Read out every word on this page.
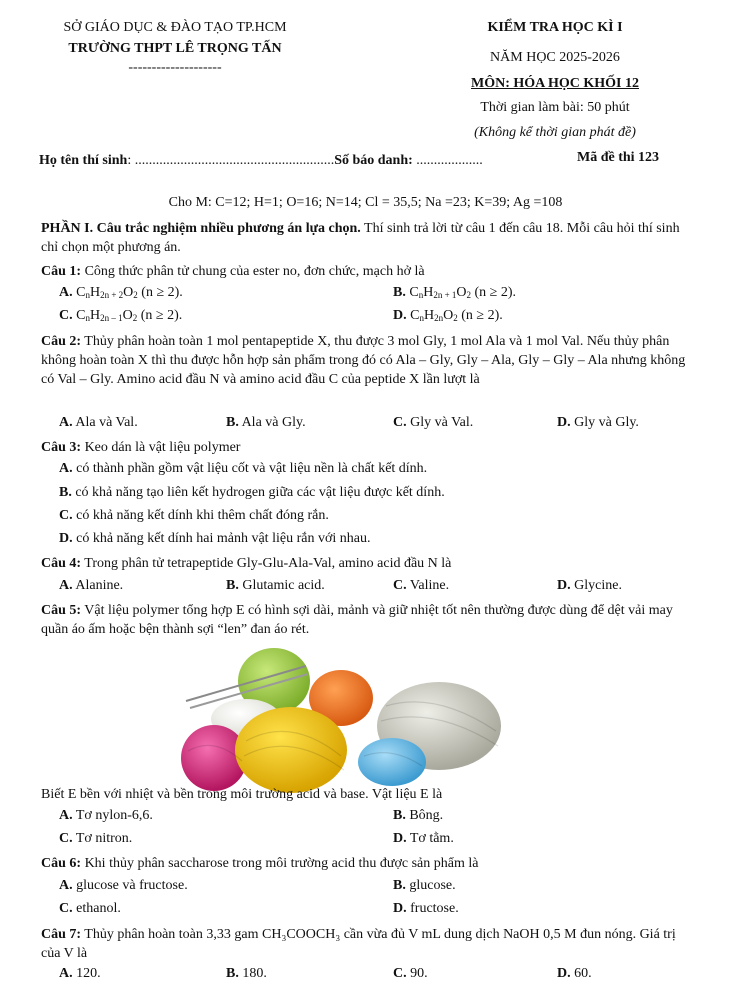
SỞ GIÁO DỤC & ĐÀO TẠO TP.HCM
TRƯỜNG THPT LÊ TRỌNG TẤN
--------------------
KIỂM TRA HỌC KÌ I
NĂM HỌC 2025-2026
MÔN: HÓA HỌC KHỐI 12
Thời gian làm bài: 50 phút
(Không kể thời gian phát đề)
Họ tên thí sinh: .........................................................Số báo danh: ...................	Mã đề thi 123
Cho M: C=12; H=1; O=16; N=14; Cl = 35,5; Na =23; K=39; Ag =108
PHẦN I. Câu trắc nghiệm nhiều phương án lựa chọn. Thí sinh trả lời từ câu 1 đến câu 18. Mỗi câu hỏi thí sinh chỉ chọn một phương án.
Câu 1: Công thức phân tử chung của ester no, đơn chức, mạch hở là
A. $C_nH_{2n + 2}O_2$ (n ≥ 2).	B. $C_nH_{2n + 1}O_2$ (n ≥ 2).
C. $C_nH_{2n - 1}O_2$ (n ≥ 2).	D. $C_nH_{2n}O_2$ (n ≥ 2).
Câu 2: Thủy phân hoàn toàn 1 mol pentapeptide X, thu được 3 mol Gly, 1 mol Ala và 1 mol Val. Nếu thủy phân không hoàn toàn X thì thu được hỗn hợp sản phẩm trong đó có Ala – Gly, Gly – Ala, Gly – Gly – Ala nhưng không có Val – Gly. Amino acid đầu N và amino acid đầu C của peptide X lần lượt là
A. Ala và Val.	B. Ala và Gly.	C. Gly và Val.	D. Gly và Gly.
Câu 3: Keo dán là vật liệu polymer
A. có thành phần gồm vật liệu cốt và vật liệu nền là chất kết dính.
B. có khả năng tạo liên kết hydrogen giữa các vật liệu được kết dính.
C. có khả năng kết dính khi thêm chất đóng rắn.
D. có khả năng kết dính hai mảnh vật liệu rắn với nhau.
Câu 4: Trong phân tử tetrapeptide Gly-Glu-Ala-Val, amino acid đầu N là
A. Alanine.	B. Glutamic acid.	C. Valine.	D. Glycine.
Câu 5: Vật liệu polymer tổng hợp E có hình sợi dài, mảnh và giữ nhiệt tốt nên thường được dùng để dệt vải may quần áo ấm hoặc bện thành sợi “len” đan áo rét.
Biết E bền với nhiệt và bền trong môi trường acid và base. Vật liệu E là
A. Tơ nylon-6,6.	B. Bông.
C. Tơ nitron.	D. Tơ tằm.
Câu 6: Khi thủy phân saccharose trong môi trường acid thu được sản phẩm là
A. glucose và fructose.	B. glucose.
C. ethanol.	D. fructose.
Câu 7: Thủy phân hoàn toàn 3,33 gam CH₃COOCH₃ cần vừa đủ V mL dung dịch NaOH 0,5 M đun nóng. Giá trị của V là
A. 120.	B. 180.	C. 90.	D. 60.
